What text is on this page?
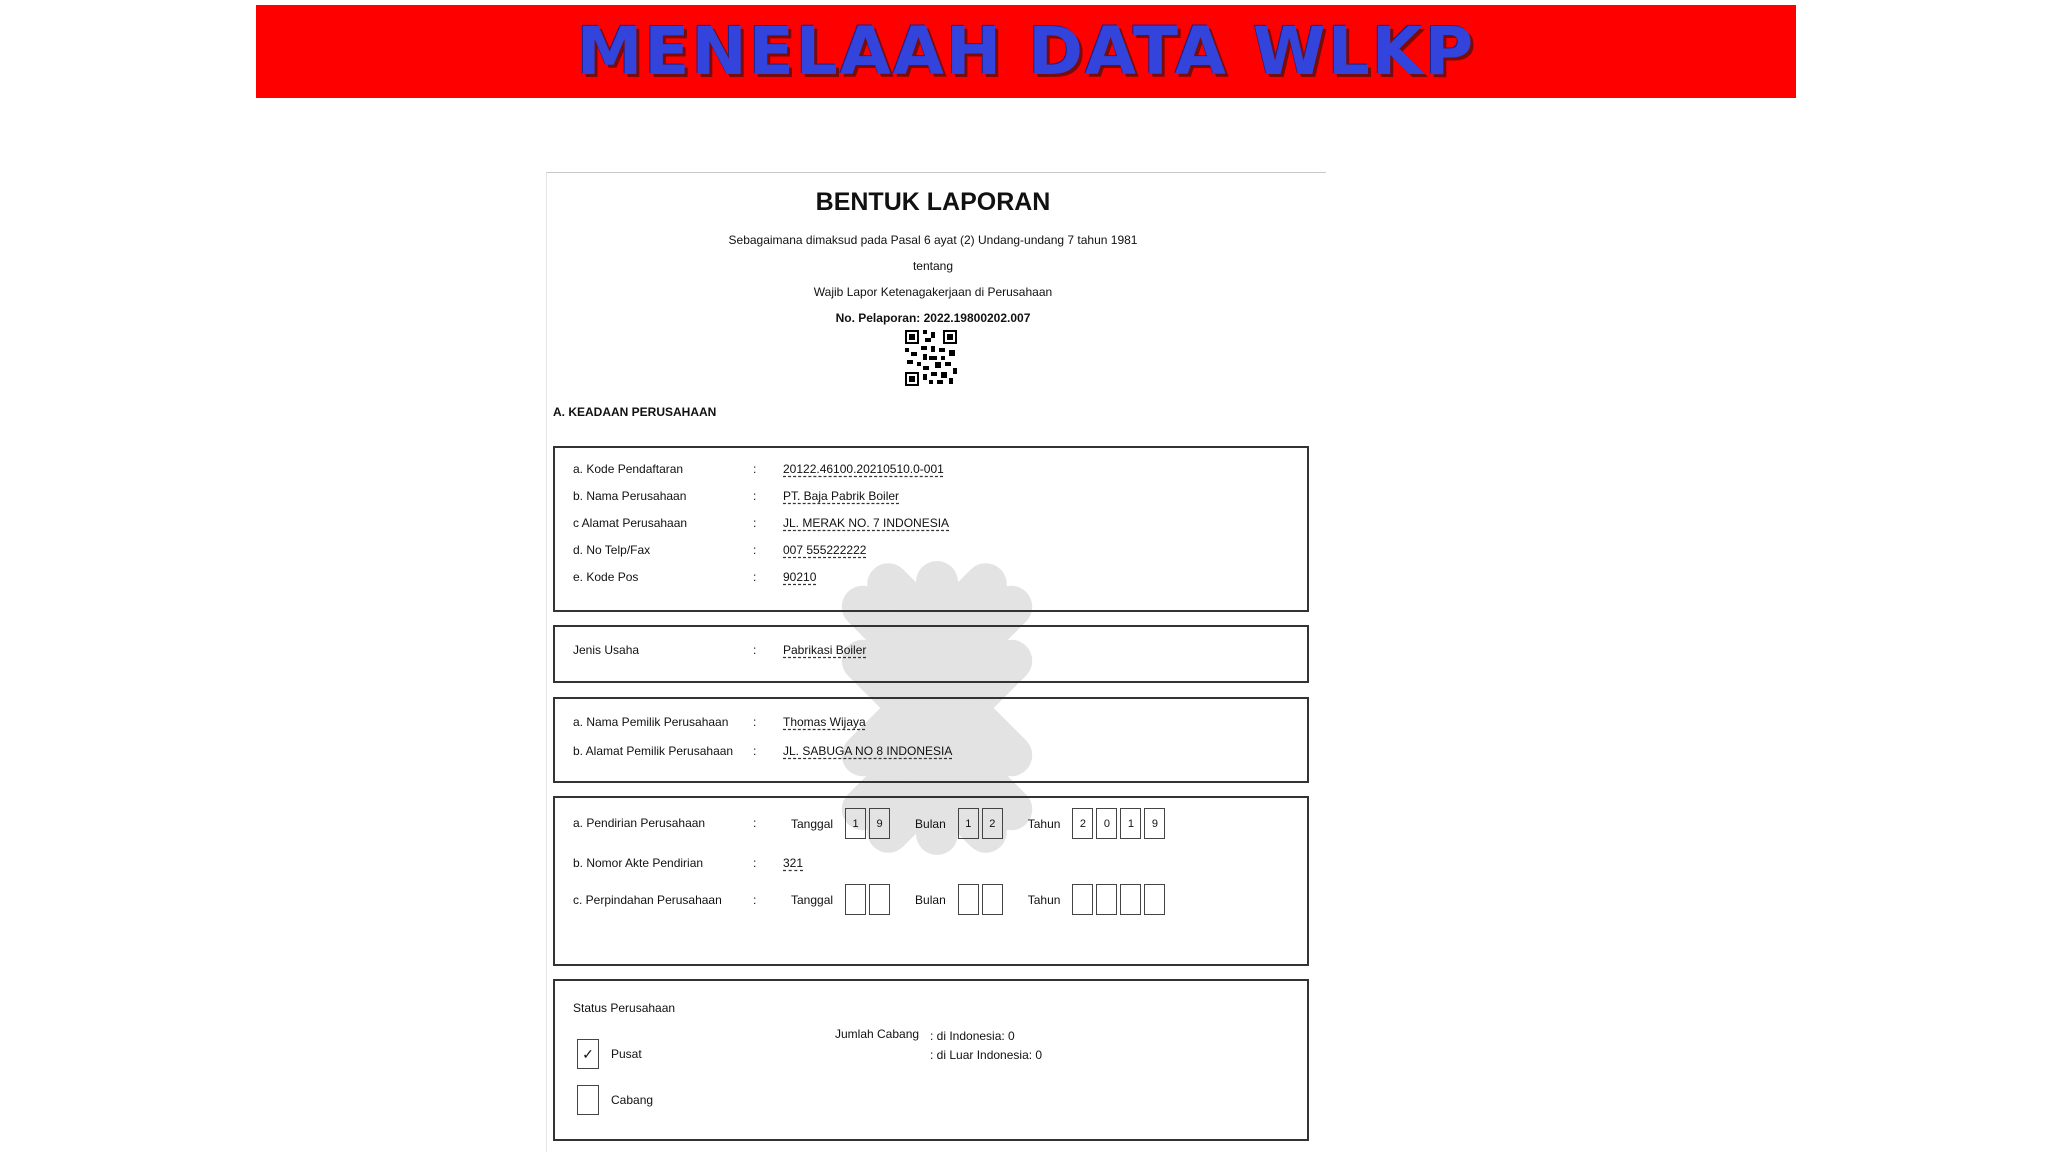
MENELAAH DATA WLKP
BENTUK LAPORAN
Sebagaimana dimaksud pada Pasal 6 ayat (2) Undang-undang 7 tahun 1981
tentang
Wajib Lapor Ketenagakerjaan di Perusahaan
No. Pelaporan: 2022.19800202.007
A. KEADAAN PERUSAHAAN
a. Kode Pendaftaran	:	20122.46100.20210510.0-001
b. Nama Perusahaan	:	PT. Baja Pabrik Boiler
c Alamat Perusahaan	:	JL. MERAK NO. 7 INDONESIA
d. No Telp/Fax	:	007 555222222
e. Kode Pos	:	90210
Jenis Usaha	:	Pabrikasi Boiler
a. Nama Pemilik Perusahaan	:	Thomas Wijaya
b. Alamat Pemilik Perusahaan	:	JL. SABUGA NO 8 INDONESIA
a. Pendirian Perusahaan	:	Tanggal	1	9	Bulan	1	2	Tahun	2	0	1	9
b. Nomor Akte Pendirian	:	321
c. Perpindahan Perusahaan	:	Tanggal	Bulan	Tahun
Status Perusahaan
Jumlah Cabang : di Indonesia: 0
: di Luar Indonesia: 0
✓	Pusat
Cabang
